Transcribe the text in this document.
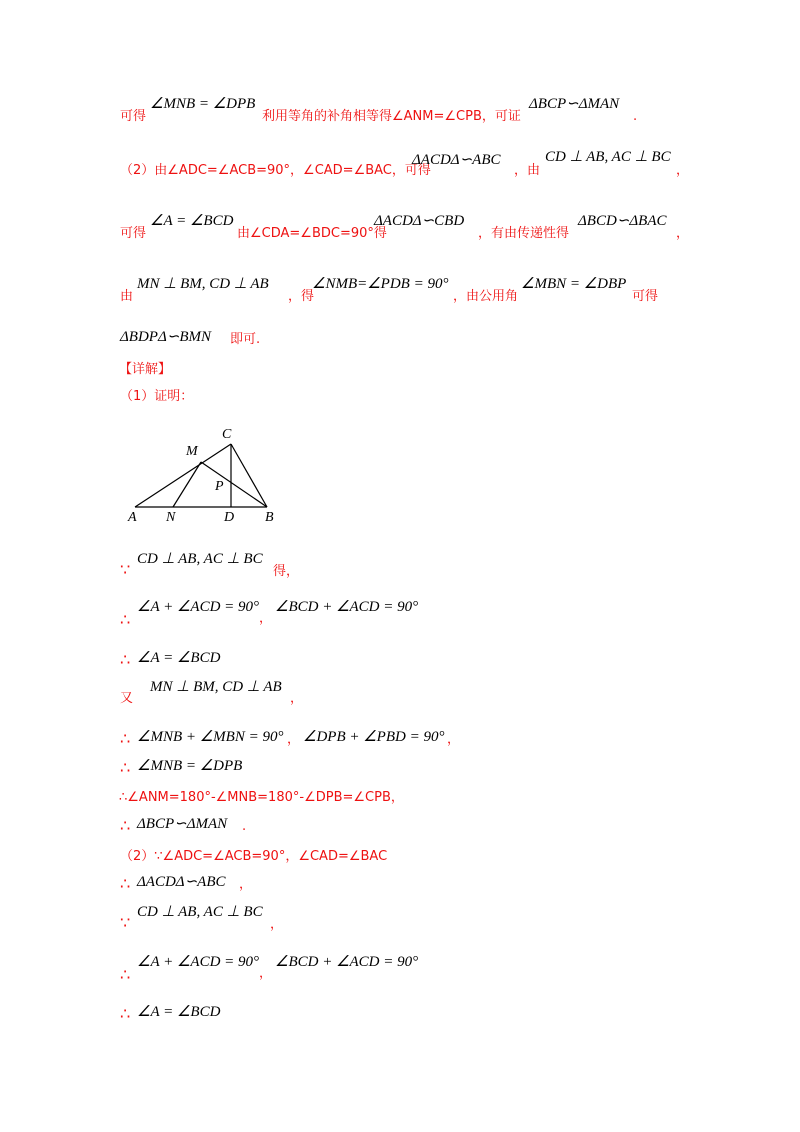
可得
∠MNB = ∠DPB
利用等角的补角相等得∠ANM=∠CPB，可证
ΔBCP∽ΔMAN
.
（2）由∠ADC=∠ACB=90°，∠CAD=∠BAC，可得
ΔACDΔ∽ABC
，由
CD ⊥ AB, AC ⊥ BC
，
可得
∠A = ∠BCD
由∠CDA=∠BDC=90°得
ΔACDΔ∽CBD
，有由传递性得
ΔBCD∽ΔBAC
，
由
MN ⊥ BM, CD ⊥ AB
，得
∠NMB=∠PDB = 90°
，由公用角
∠MBN = ∠DBP
可得
ΔBDPΔ∽BMN 即可.
【详解】
（1）证明：
A N	D B
M
C
P
∵
CD ⊥ AB, AC ⊥ BC
得，
∴
∠A + ∠ACD = 90°
，
∠BCD + ∠ACD = 90°
∴ ∠A = ∠BCD
又
MN ⊥ BM, CD ⊥ AB
，
∴ ∠MNB + ∠MBN = 90° ， ∠DPB + ∠PBD = 90° ，
∴ ∠MNB = ∠DPB
∴∠ANM=180°-∠MNB=180°-∠DPB=∠CPB，
∴ ΔBCP∽ΔMAN .
（2）∵∠ADC=∠ACB=90°，∠CAD=∠BAC
∴ ΔACDΔ∽ABC ，
∵
CD ⊥ AB, AC ⊥ BC
，
∴
∠A + ∠ACD = 90°
，
∠BCD + ∠ACD = 90°
∴ ∠A = ∠BCD
